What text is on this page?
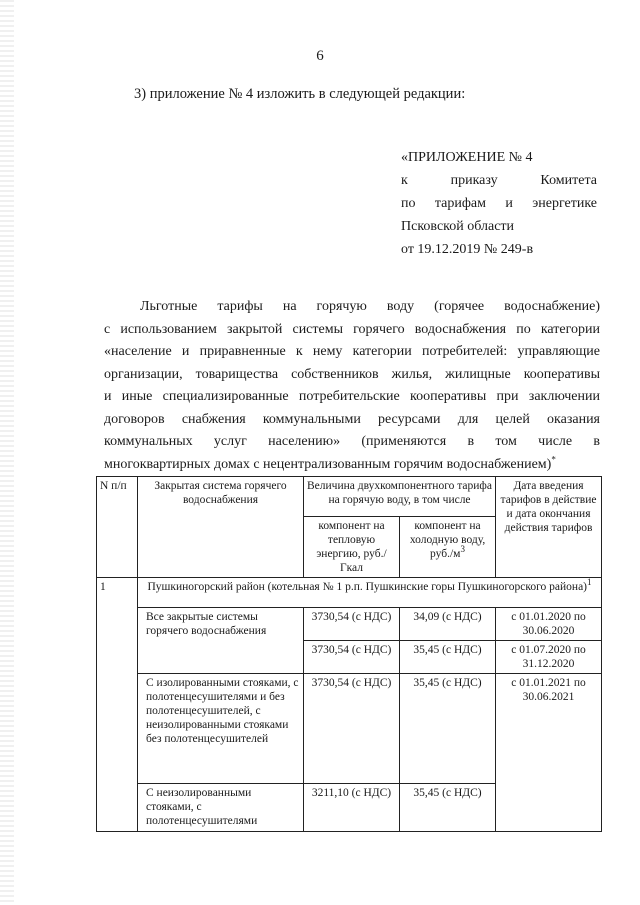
6
3) приложение № 4 изложить в следующей редакции:
«ПРИЛОЖЕНИЕ № 4
к приказу Комитета
по тарифам и энергетике
Псковской области
от 19.12.2019 № 249-в
Льготные тарифы на горячую воду (горячее водоснабжение)
с использованием закрытой системы горячего водоснабжения по категории
«население и приравненные к нему категории потребителей: управляющие
организации, товарищества собственников жилья, жилищные кооперативы
и иные специализированные потребительские кооперативы при заключении
договоров снабжения коммунальными ресурсами для целей оказания
коммунальных услуг населению» (применяются в том числе в
многоквартирных домах с нецентрализованным горячим водоснабжением)*
N п/п	Закрытая система горячего водоснабжения	Величина двухкомпонентного тарифа на горячую воду, в том числе		Дата введения тарифов в действие и дата окончания действия тарифов
		компонент на тепловую энергию, руб./Гкал	компонент на холодную воду, $руб./м^3$
1	Пушкиногорский район (котельная № 1 р.п. Пушкинские горы Пушкиногорского района)$^1$
	Все закрытые системы горячего водоснабжения	3730,54 (с НДС)	34,09 (с НДС)	с 01.01.2020 по 30.06.2020
		3730,54 (с НДС)	35,45 (с НДС)	с 01.07.2020 по 31.12.2020
	С изолированными стояками, с полотенцесушителями и без полотенцесушителей, с неизолированными стояками без полотенцесушителей	3730,54 (с НДС)	35,45 (с НДС)	с 01.01.2021 по 30.06.2021
	С неизолированными стояками, с полотенцесушителями	3211,10 (с НДС)	35,45 (с НДС)	
